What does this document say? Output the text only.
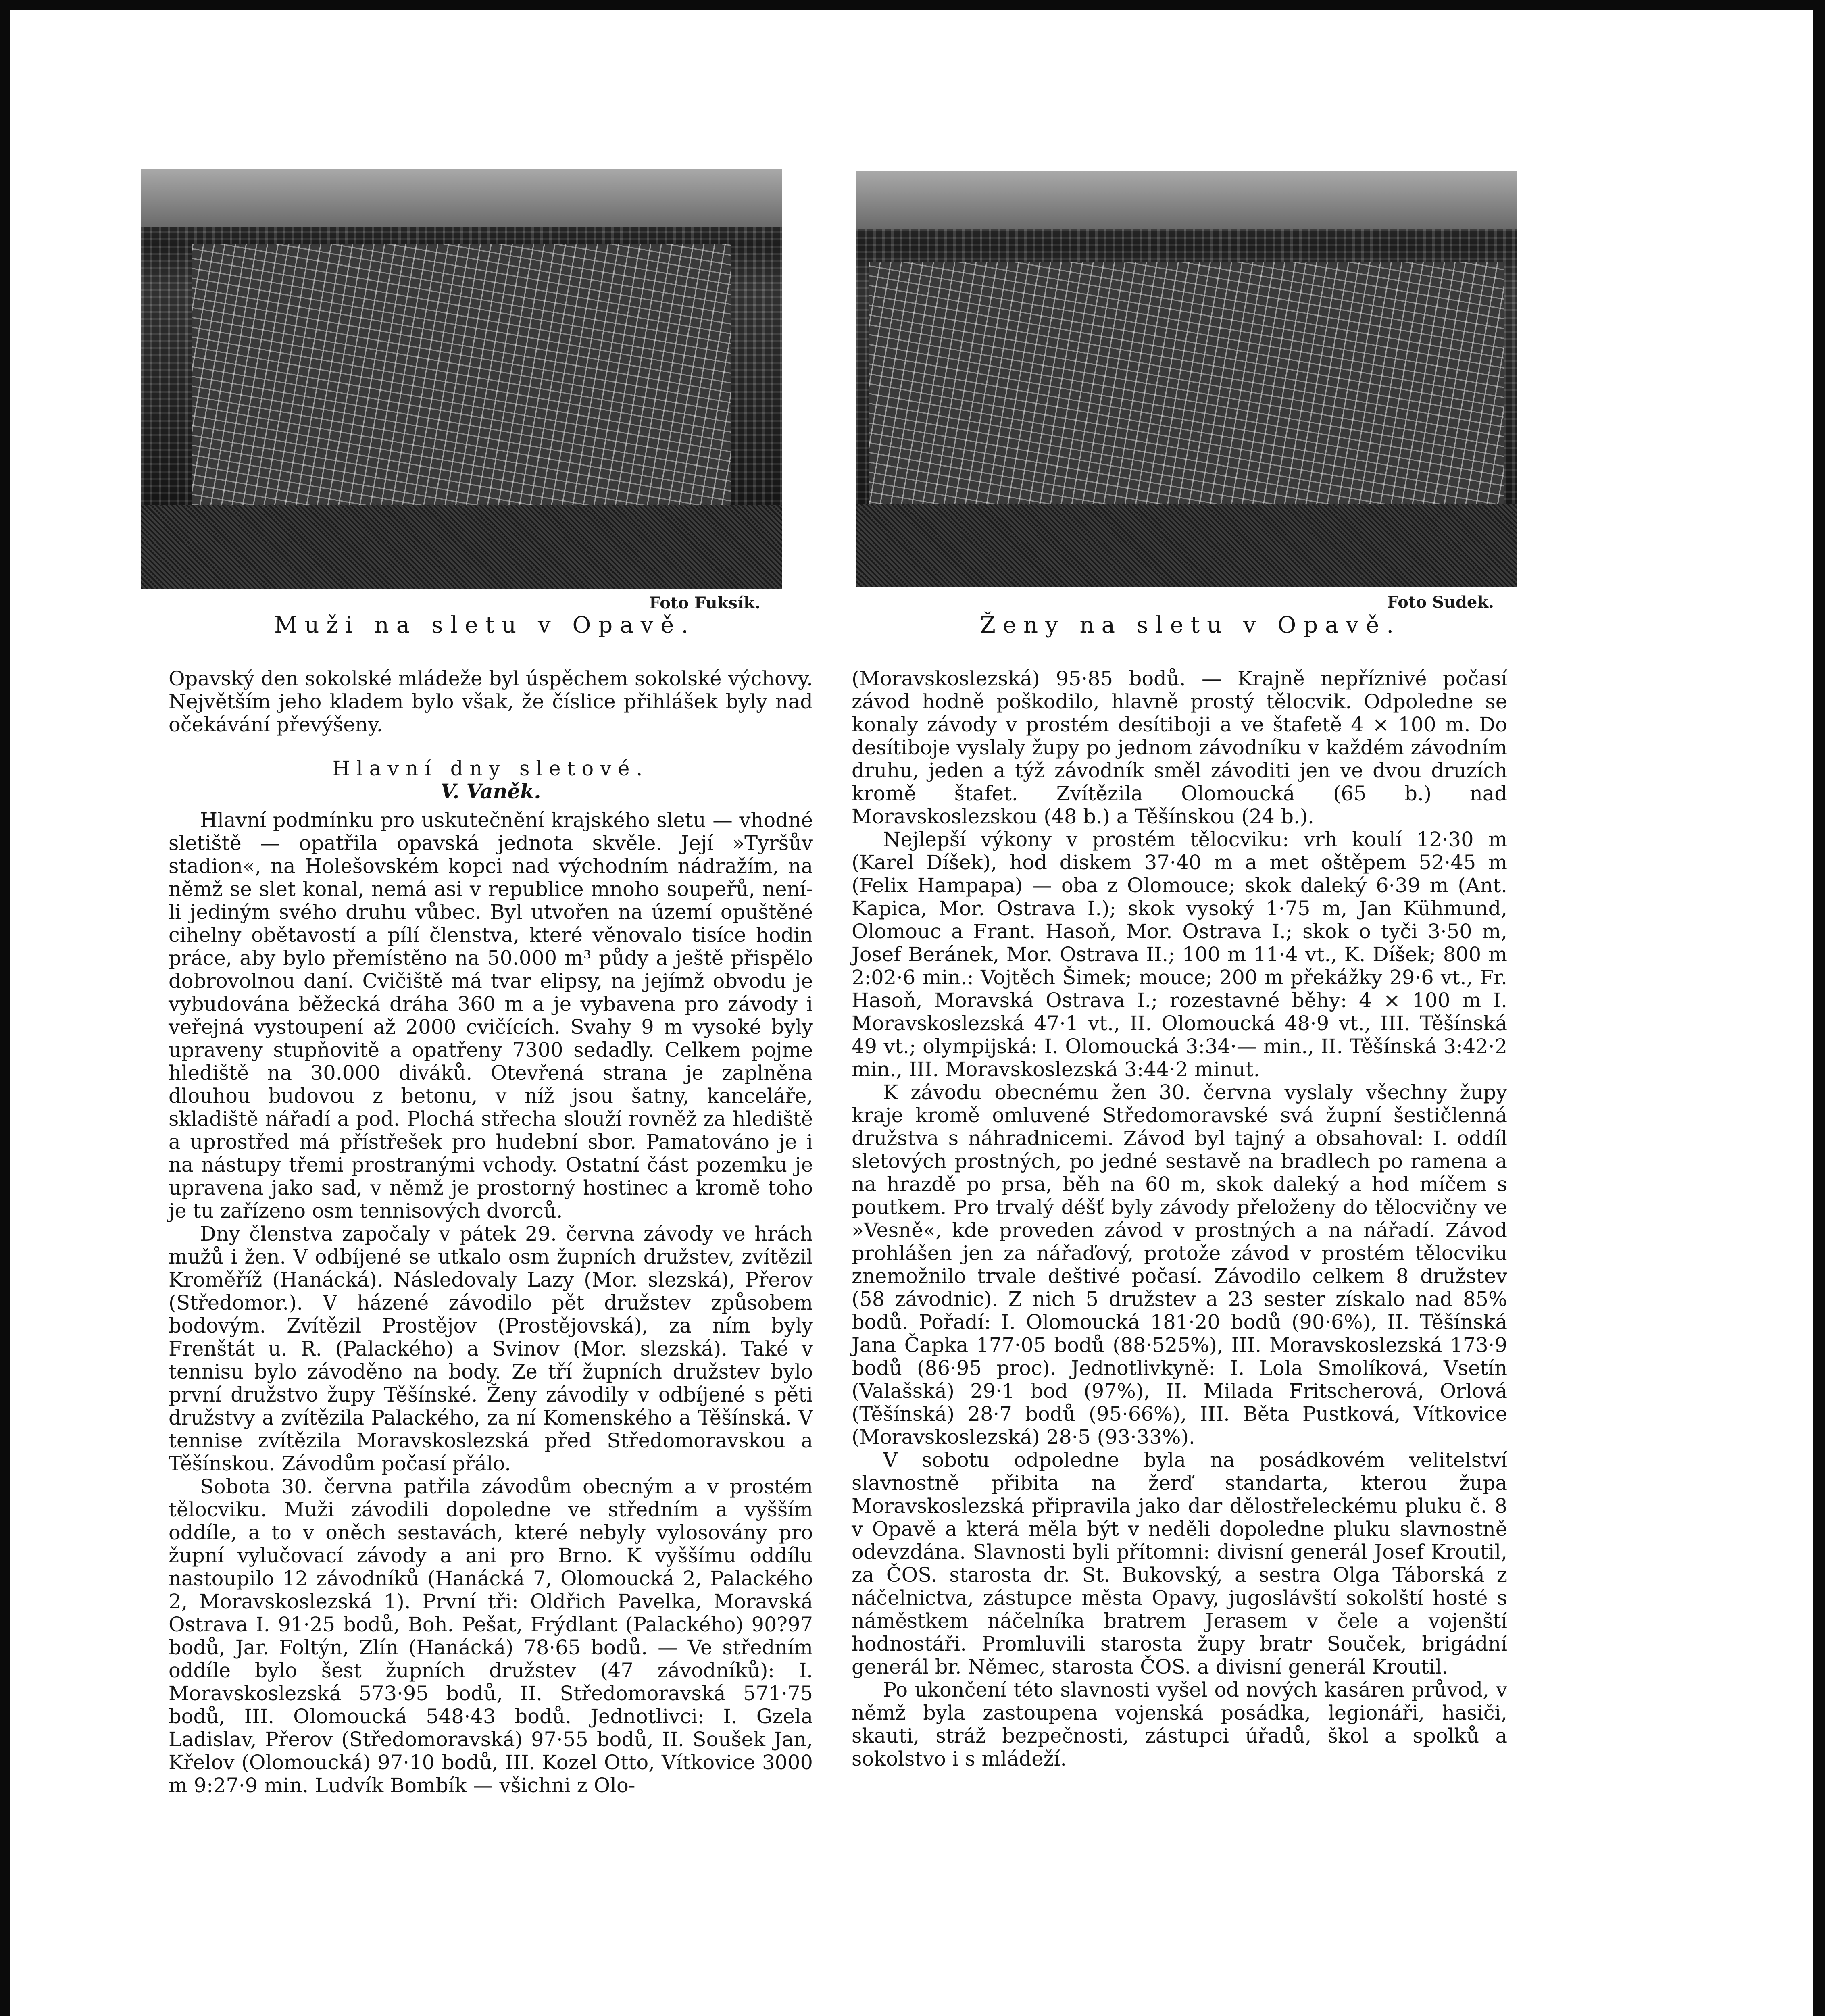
Foto Fuksík.
Muži na sletu v Opavě.
Foto Sudek.
Ženy na sletu v Opavě.

Opavský den sokolské mládeže byl úspěchem sokolské výchovy. Největším jeho kladem bylo však, že číslice přihlášek byly nad očekávání převýšeny.

Hlavní dny sletové.
V. Vaněk.

Hlavní podmínku pro uskutečnění krajského sletu — vhodné sletiště — opatřila opavská jednota skvěle. Její »Tyršův stadion«, na Holešovském kopci nad východním nádražím, na němž se slet konal, nemá asi v republice mnoho soupeřů, není-li jediným svého druhu vůbec. Byl utvořen na území opuštěné cihelny obětavostí a pílí členstva, které věnovalo tisíce hodin práce, aby bylo přemístěno na 50.000 m³ půdy a ještě přispělo dobrovolnou daní. Cvičiště má tvar elipsy, na jejímž obvodu je vybudována běžecká dráha 360 m a je vybavena pro závody i veřejná vystoupení až 2000 cvičících. Svahy 9 m vysoké byly upraveny stupňovitě a opatřeny 7300 sedadly. Celkem pojme hlediště na 30.000 diváků. Otevřená strana je zaplněna dlouhou budovou z betonu, v níž jsou šatny, kanceláře, skladiště nářadí a pod. Plochá střecha slouží rovněž za hlediště a uprostřed má přístřešek pro hudební sbor. Pamatováno je i na nástupy třemi prostranými vchody. Ostatní část pozemku je upravena jako sad, v němž je prostorný hostinec a kromě toho je tu zařízeno osm tennisových dvorců.

Dny členstva započaly v pátek 29. června závody ve hrách mužů i žen. V odbíjené se utkalo osm župních družstev, zvítězil Kroměříž (Hanácká). Následovaly Lazy (Mor. slezská), Přerov (Středomor.). V házené závodilo pět družstev způsobem bodovým. Zvítězil Prostějov (Prostějovská), za ním byly Frenštát u. R. (Palackého) a Svinov (Mor. slezská). Také v tennisu bylo závoděno na body. Ze tří župních družstev bylo první družstvo župy Těšínské. Ženy závodily v odbíjené s pěti družstvy a zvítězila Palackého, za ní Komenského a Těšínská. V tennise zvítězila Moravskoslezská před Středomoravskou a Těšínskou. Závodům počasí přálo.

Sobota 30. června patřila závodům obecným a v prostém tělocviku. Muži závodili dopoledne ve středním a vyšším oddíle, a to v oněch sestavách, které nebyly vylosovány pro župní vylučovací závody a ani pro Brno. K vyššímu oddílu nastoupilo 12 závodníků (Hanácká 7, Olomoucká 2, Palackého 2, Moravskoslezská 1). První tři: Oldřich Pavelka, Moravská Ostrava I. 91·25 bodů, Boh. Pešat, Frýdlant (Palackého) 90?97 bodů, Jar. Foltýn, Zlín (Hanácká) 78·65 bodů. — Ve středním oddíle bylo šest župních družstev (47 závodníků): I. Moravskoslezská 573·95 bodů, II. Středomoravská 571·75 bodů, III. Olomoucká 548·43 bodů. Jednotlivci: I. Gzela Ladislav, Přerov (Středomoravská) 97·55 bodů, II. Soušek Jan, Křelov (Olomoucká) 97·10 bodů, III. Kozel Otto, Vítkovice 3000 m 9:27·9 min. Ludvík Bombík — všichni z Olo-

(Moravskoslezská) 95·85 bodů. — Krajně nepříznivé počasí závod hodně poškodilo, hlavně prostý tělocvik. Odpoledne se konaly závody v prostém desítiboji a ve štafetě 4 × 100 m. Do desítiboje vyslaly župy po jednom závodníku v každém závodním druhu, jeden a týž závodník směl závoditi jen ve dvou druzích kromě štafet. Zvítězila Olomoucká (65 b.) nad Moravskoslezskou (48 b.) a Těšínskou (24 b.).

Nejlepší výkony v prostém tělocviku: vrh koulí 12·30 m (Karel Díšek), hod diskem 37·40 m a met oštěpem 52·45 m (Felix Hampapa) — oba z Olomouce; skok daleký 6·39 m (Ant. Kapica, Mor. Ostrava I.); skok vysoký 1·75 m, Jan Kühmund, Olomouc a Frant. Hasoň, Mor. Ostrava I.; skok o tyči 3·50 m, Josef Beránek, Mor. Ostrava II.; 100 m 11·4 vt., K. Díšek; 800 m 2:02·6 min.: Vojtěch Šimek; mouce; 200 m překážky 29·6 vt., Fr. Hasoň, Moravská Ostrava I.; rozestavné běhy: 4 × 100 m I. Moravskoslezská 47·1 vt., II. Olomoucká 48·9 vt., III. Těšínská 49 vt.; olympijská: I. Olomoucká 3:34·— min., II. Těšínská 3:42·2 min., III. Moravskoslezská 3:44·2 minut.

K závodu obecnému žen 30. června vyslaly všechny župy kraje kromě omluvené Středomoravské svá župní šestičlenná družstva s náhradnicemi. Závod byl tajný a obsahoval: I. oddíl sletových prostných, po jedné sestavě na bradlech po ramena a na hrazdě po prsa, běh na 60 m, skok daleký a hod míčem s poutkem. Pro trvalý déšť byly závody přeloženy do tělocvičny ve »Vesně«, kde proveden závod v prostných a na nářadí. Závod prohlášen jen za nářaďový, protože závod v prostém tělocviku znemožnilo trvale deštivé počasí. Závodilo celkem 8 družstev (58 závodnic). Z nich 5 družstev a 23 sester získalo nad 85% bodů. Pořadí: I. Olomoucká 181·20 bodů (90·6%), II. Těšínská Jana Čapka 177·05 bodů (88·525%), III. Moravskoslezská 173·9 bodů (86·95 proc). Jednotlivkyně: I. Lola Smolíková, Vsetín (Valašská) 29·1 bod (97%), II. Milada Fritscherová, Orlová (Těšínská) 28·7 bodů (95·66%), III. Běta Pustková, Vítkovice (Moravskoslezská) 28·5 (93·33%).

V sobotu odpoledne byla na posádkovém velitelství slavnostně přibita na žerď standarta, kterou župa Moravskoslezská připravila jako dar dělostřeleckému pluku č. 8 v Opavě a která měla být v neděli dopoledne pluku slavnostně odevzdána. Slavnosti byli přítomni: divisní generál Josef Kroutil, za ČOS. starosta dr. St. Bukovský, a sestra Olga Táborská z náčelnictva, zástupce města Opavy, jugoslávští sokolští hosté s náměstkem náčelníka bratrem Jerasem v čele a vojenští hodnostáři. Promluvili starosta župy bratr Souček, brigádní generál br. Němec, starosta ČOS. a divisní generál Kroutil.

Po ukončení této slavnosti vyšel od nových kasáren průvod, v němž byla zastoupena vojenská posádka, legionáři, hasiči, skauti, stráž bezpečnosti, zástupci úřadů, škol a spolků a sokolstvo i s mládeží.
